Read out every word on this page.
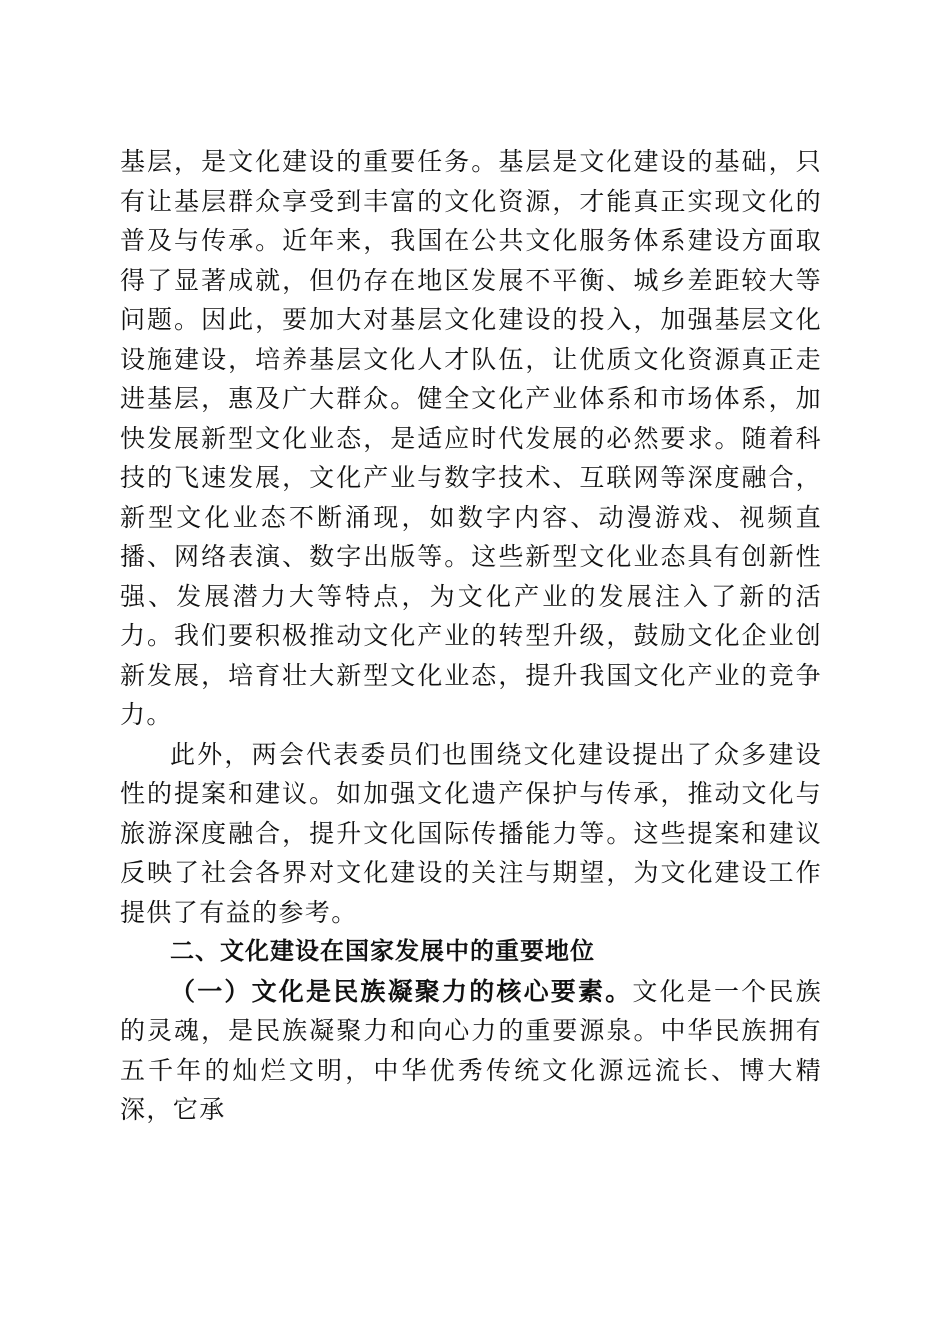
基层，是文化建设的重要任务。基层是文化建设的基础，只有让基层群众享受到丰富的文化资源，才能真正实现文化的普及与传承。近年来，我国在公共文化服务体系建设方面取得了显著成就，但仍存在地区发展不平衡、城乡差距较大等问题。因此，要加大对基层文化建设的投入，加强基层文化设施建设，培养基层文化人才队伍，让优质文化资源真正走进基层，惠及广大群众。健全文化产业体系和市场体系，加快发展新型文化业态，是适应时代发展的必然要求。随着科技的飞速发展，文化产业与数字技术、互联网等深度融合，新型文化业态不断涌现，如数字内容、动漫游戏、视频直播、网络表演、数字出版等。这些新型文化业态具有创新性强、发展潜力大等特点，为文化产业的发展注入了新的活力。我们要积极推动文化产业的转型升级，鼓励文化企业创新发展，培育壮大新型文化业态，提升我国文化产业的竞争力。

此外，两会代表委员们也围绕文化建设提出了众多建设性的提案和建议。如加强文化遗产保护与传承，推动文化与旅游深度融合，提升文化国际传播能力等。这些提案和建议反映了社会各界对文化建设的关注与期望，为文化建设工作提供了有益的参考。

二、文化建设在国家发展中的重要地位

（一）文化是民族凝聚力的核心要素。文化是一个民族的灵魂，是民族凝聚力和向心力的重要源泉。中华民族拥有五千年的灿烂文明，中华优秀传统文化源远流长、博大精深，它承
